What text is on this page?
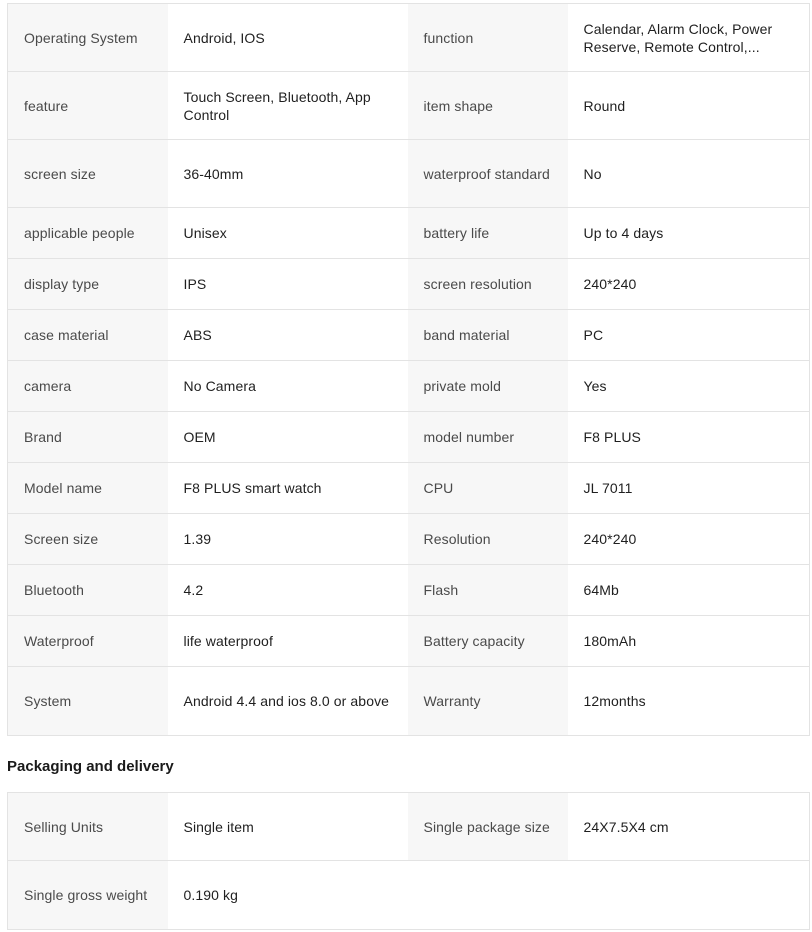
Operating System	Android, IOS	function	Calendar, Alarm Clock, Power Reserve, Remote Control,...
feature	Touch Screen, Bluetooth, App Control	item shape	Round
screen size	36-40mm	waterproof standard	No
applicable people	Unisex	battery life	Up to 4 days
display type	IPS	screen resolution	240*240
case material	ABS	band material	PC
camera	No Camera	private mold	Yes
Brand	OEM	model number	F8 PLUS
Model name	F8 PLUS smart watch	CPU	JL 7011
Screen size	1.39	Resolution	240*240
Bluetooth	4.2	Flash	64Mb
Waterproof	life waterproof	Battery capacity	180mAh
System	Android 4.4 and ios 8.0 or above	Warranty	12months
Packaging and delivery
Selling Units	Single item	Single package size	24X7.5X4 cm
Single gross weight	0.190 kg		
